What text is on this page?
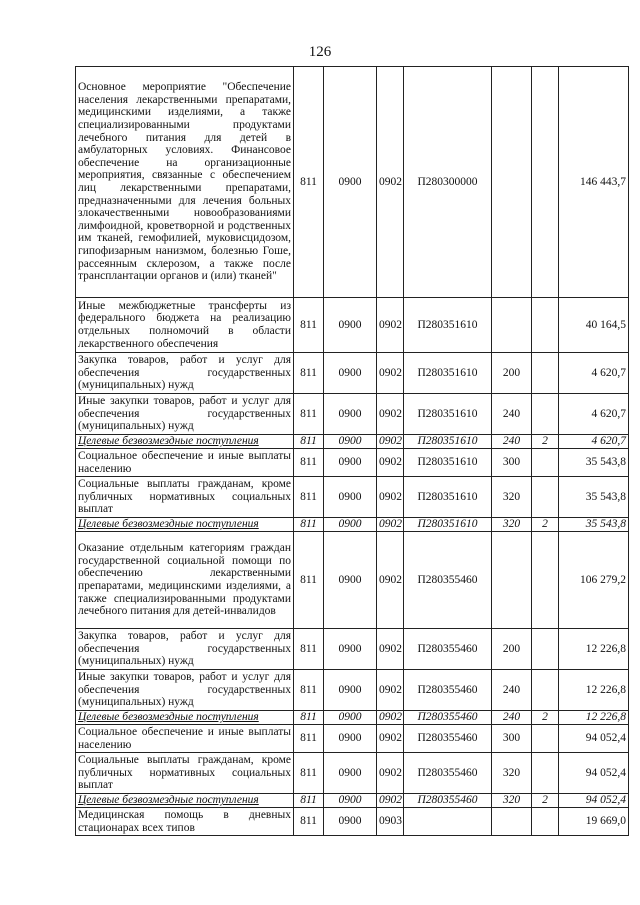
126
Основное мероприятие "Обеспечение населения лекарственными препаратами, медицинскими изделиями, а также специализированными продуктами лечебного питания для детей в амбулаторных условиях. Финансовое обеспечение на организационные мероприятия, связанные с обеспечением лиц лекарственными препаратами, предназначенными для лечения больных злокачественными новообразованиями лимфоидной, кроветворной и родственных им тканей, гемофилией, муковисцидозом, гипофизарным нанизмом, болезнью Гоше, рассеянным склерозом, а также после трансплантации органов и (или) тканей"	811	0900	0902	П280300000			146 443,7
Иные межбюджетные трансферты из федерального бюджета на реализацию отдельных полномочий в области лекарственного обеспечения	811	0900	0902	П280351610			40 164,5
Закупка товаров, работ и услуг для обеспечения государственных (муниципальных) нужд	811	0900	0902	П280351610	200		4 620,7
Иные закупки товаров, работ и услуг для обеспечения государственных (муниципальных) нужд	811	0900	0902	П280351610	240		4 620,7
Целевые безвозмездные поступления	811	0900	0902	П280351610	240	2	4 620,7
Социальное обеспечение и иные выплаты населению	811	0900	0902	П280351610	300		35 543,8
Социальные выплаты гражданам, кроме публичных нормативных социальных выплат	811	0900	0902	П280351610	320		35 543,8
Целевые безвозмездные поступления	811	0900	0902	П280351610	320	2	35 543,8
Оказание отдельным категориям граждан государственной социальной помощи по обеспечению лекарственными препаратами, медицинскими изделиями, а также специализированными продуктами лечебного питания для детей-инвалидов	811	0900	0902	П280355460			106 279,2
Закупка товаров, работ и услуг для обеспечения государственных (муниципальных) нужд	811	0900	0902	П280355460	200		12 226,8
Иные закупки товаров, работ и услуг для обеспечения государственных (муниципальных) нужд	811	0900	0902	П280355460	240		12 226,8
Целевые безвозмездные поступления	811	0900	0902	П280355460	240	2	12 226,8
Социальное обеспечение и иные выплаты населению	811	0900	0902	П280355460	300		94 052,4
Социальные выплаты гражданам, кроме публичных нормативных социальных выплат	811	0900	0902	П280355460	320		94 052,4
Целевые безвозмездные поступления	811	0900	0902	П280355460	320	2	94 052,4
Медицинская помощь в дневных стационарах всех типов	811	0900	0903				19 669,0
